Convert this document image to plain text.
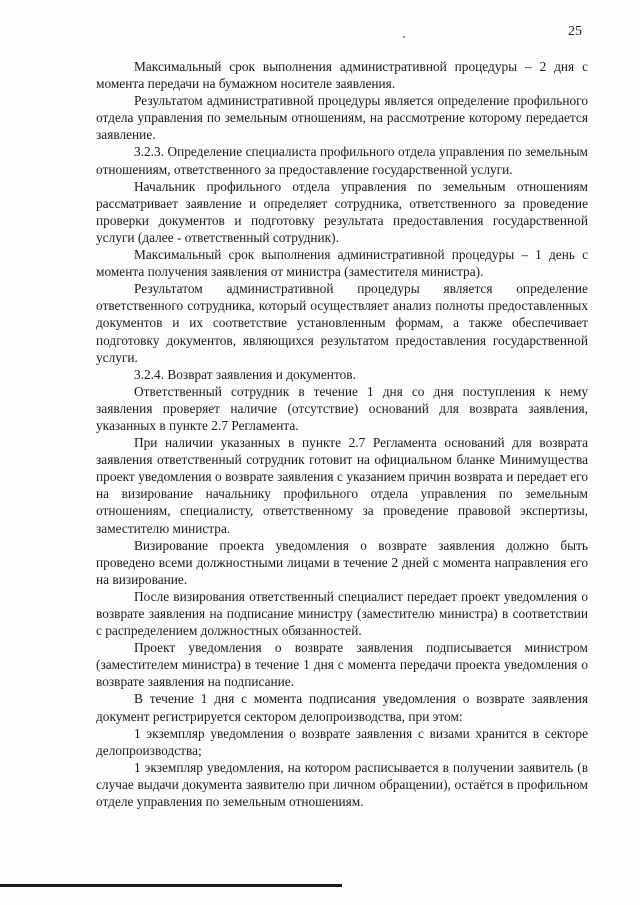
25

Максимальный срок выполнения административной процедуры – 2 дня с момента передачи на бумажном носителе заявления.

Результатом административной процедуры является определение профильного отдела управления по земельным отношениям, на рассмотрение которому передается заявление.

3.2.3. Определение специалиста профильного отдела управления по земельным отношениям, ответственного за предоставление государственной услуги.

Начальник профильного отдела управления по земельным отношениям рассматривает заявление и определяет сотрудника, ответственного за проведение проверки документов и подготовку результата предоставления государственной услуги (далее - ответственный сотрудник).

Максимальный срок выполнения административной процедуры – 1 день с момента получения заявления от министра (заместителя министра).

Результатом административной процедуры является определение ответственного сотрудника, который осуществляет анализ полноты предоставленных документов и их соответствие установленным формам, а также обеспечивает подготовку документов, являющихся результатом предоставления государственной услуги.

3.2.4. Возврат заявления и документов.

Ответственный сотрудник в течение 1 дня со дня поступления к нему заявления проверяет наличие (отсутствие) оснований для возврата заявления, указанных в пункте 2.7 Регламента.

При наличии указанных в пункте 2.7 Регламента оснований для возврата заявления ответственный сотрудник готовит на официальном бланке Минимущества проект уведомления о возврате заявления с указанием причин возврата и передает его на визирование начальнику профильного отдела управления по земельным отношениям, специалисту, ответственному за проведение правовой экспертизы, заместителю министра.

Визирование проекта уведомления о возврате заявления должно быть проведено всеми должностными лицами в течение 2 дней с момента направления его на визирование.

После визирования ответственный специалист передает проект уведомления о возврате заявления на подписание министру (заместителю министра) в соответствии с распределением должностных обязанностей.

Проект уведомления о возврате заявления подписывается министром (заместителем министра) в течение 1 дня с момента передачи проекта уведомления о возврате заявления на подписание.

В течение 1 дня с момента подписания уведомления о возврате заявления документ регистрируется сектором делопроизводства, при этом:

1 экземпляр уведомления о возврате заявления с визами хранится в секторе делопроизводства;

1 экземпляр уведомления, на котором расписывается в получении заявитель (в случае выдачи документа заявителю при личном обращении), остаётся в профильном отделе управления по земельным отношениям.
